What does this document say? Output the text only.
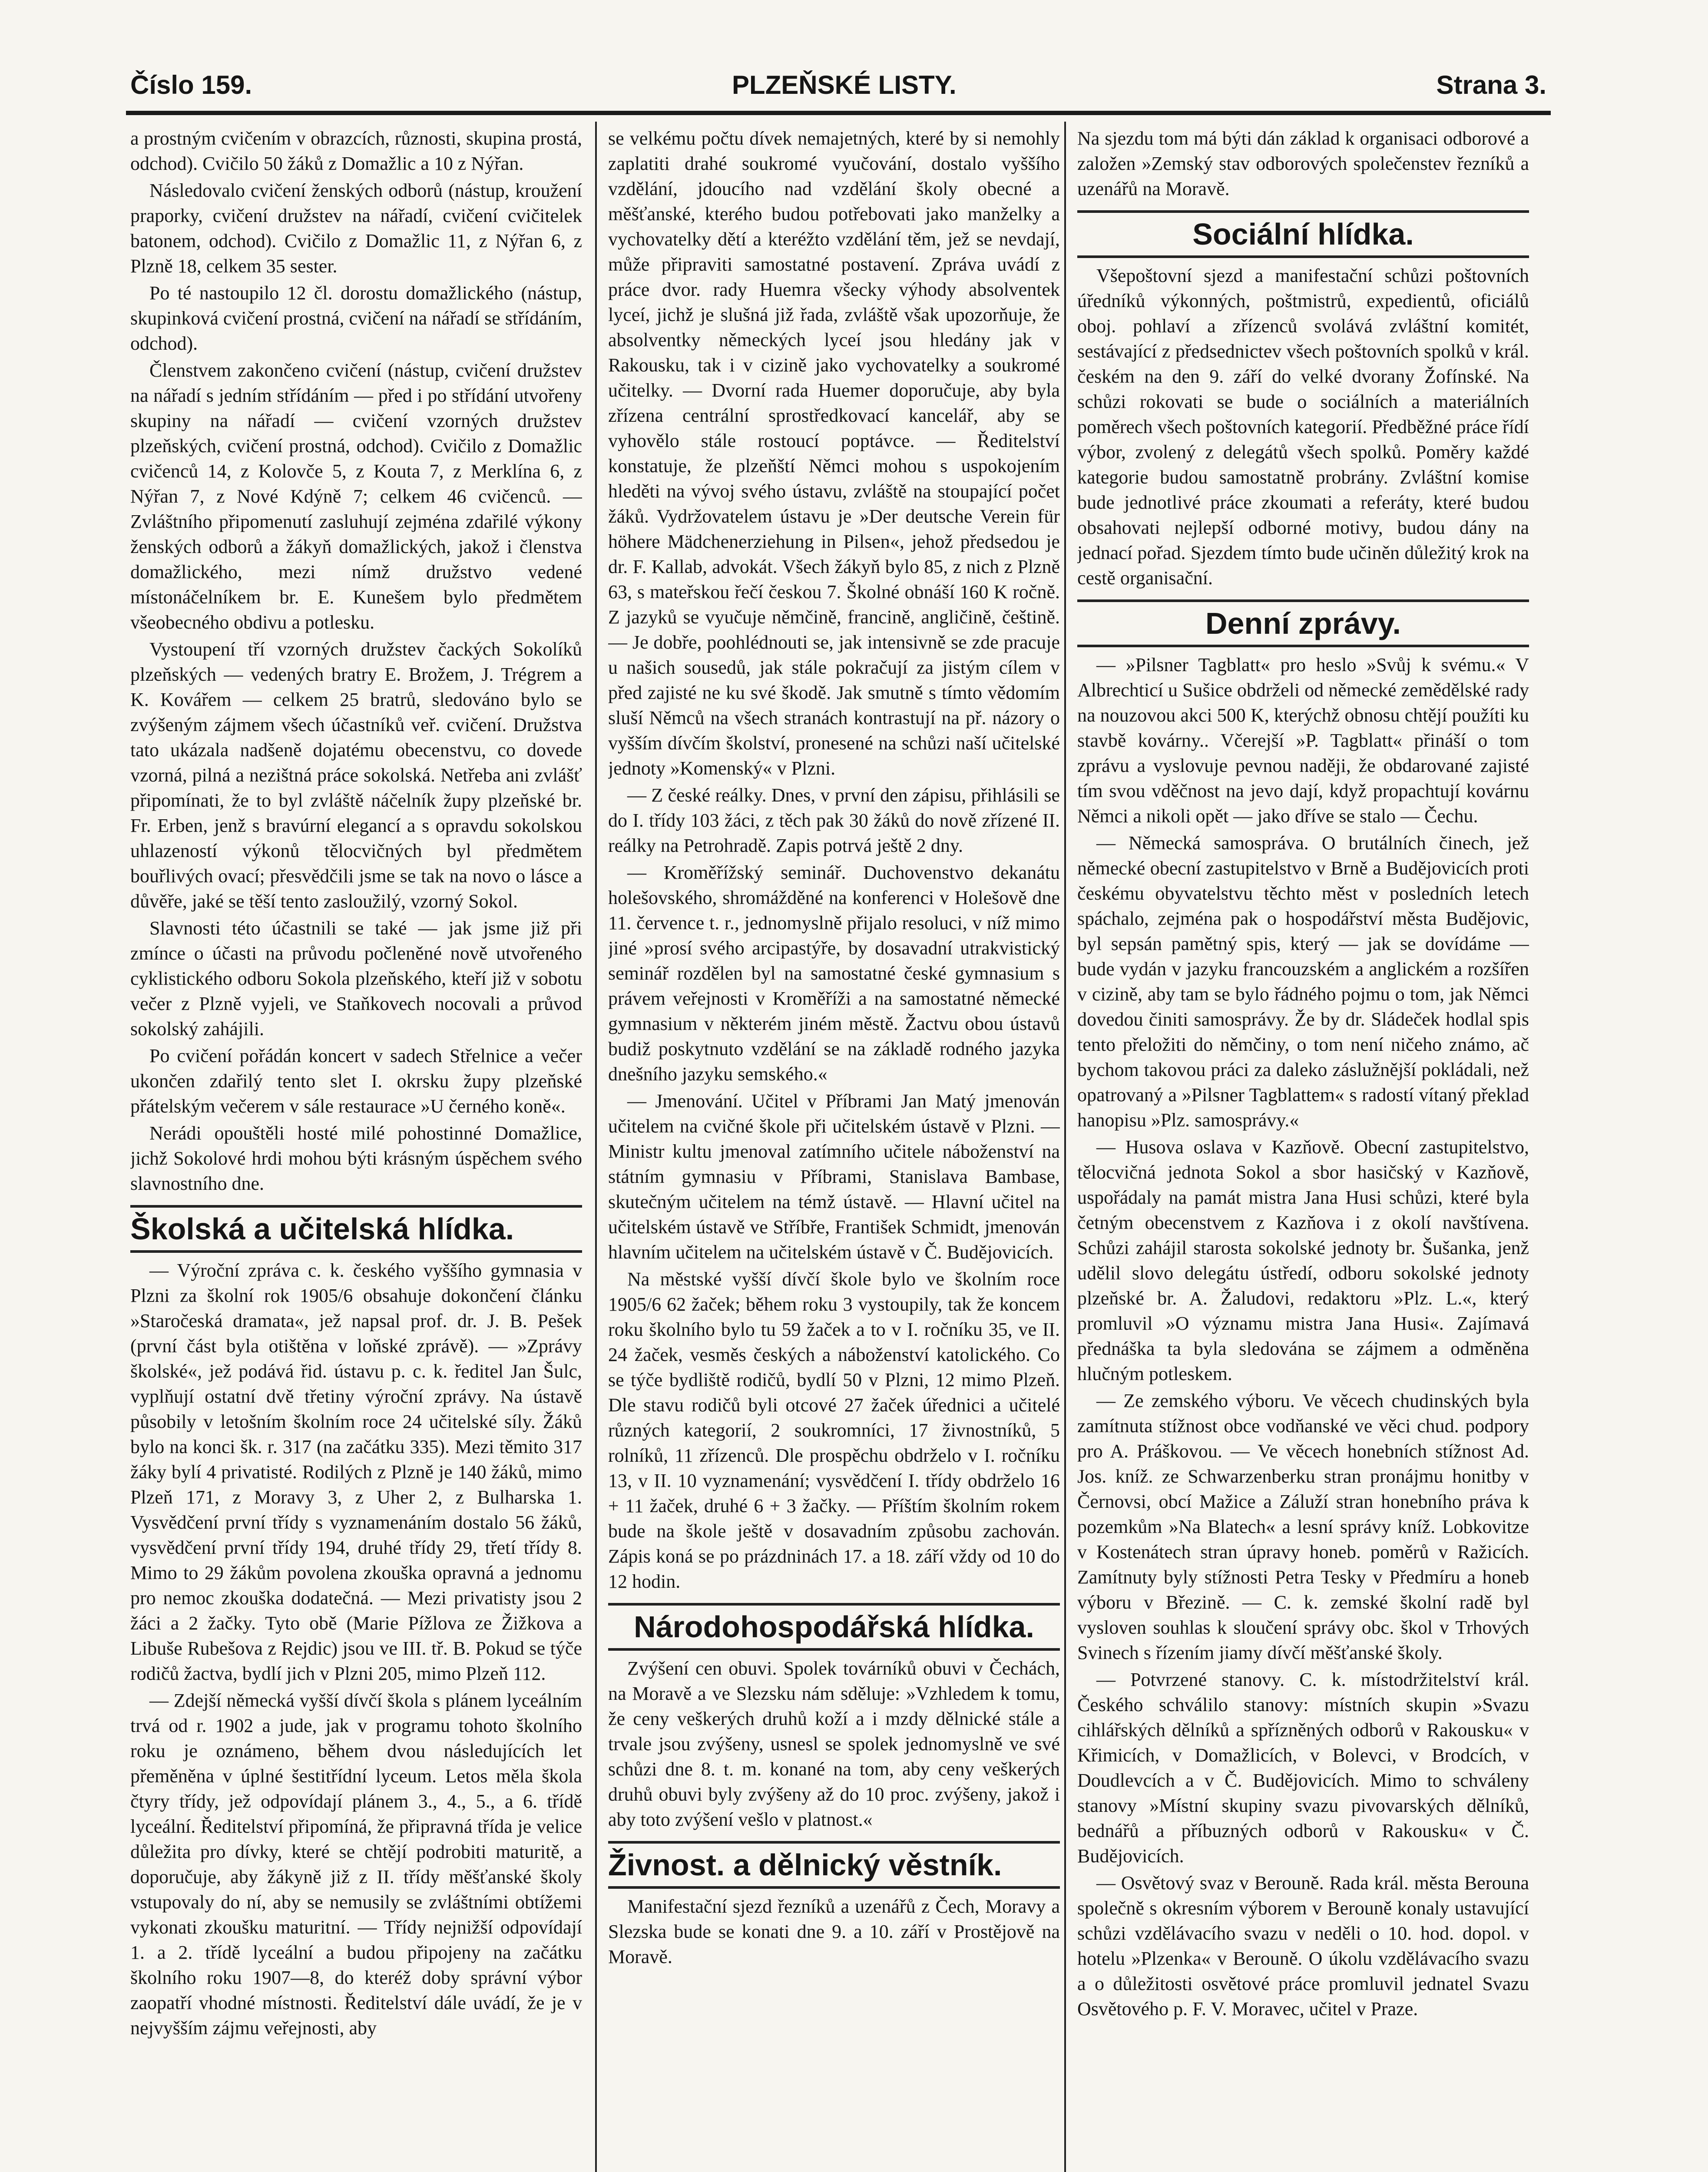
Číslo 159.	PLZEŇSKÉ LISTY.	Strana 3.

a prostným cvičením v obrazcích, různosti, skupina prostá, odchod). Cvičilo 50 žáků z Domažlic a 10 z Nýřan.

Následovalo cvičení ženských odborů (nástup, kroužení praporky, cvičení družstev na nářadí, cvičení cvičitelek batonem, odchod). Cvičilo z Domažlic 11, z Nýřan 6, z Plzně 18, celkem 35 sester.

Po té nastoupilo 12 čl. dorostu domažlického (nástup, skupinková cvičení prostná, cvičení na nářadí se střídáním, odchod).

Členstvem zakončeno cvičení (nástup, cvičení družstev na nářadí s jedním střídáním — před i po střídání utvořeny skupiny na nářadí — cvičení vzorných družstev plzeňských, cvičení prostná, odchod). Cvičilo z Domažlic cvičenců 14, z Kolovče 5, z Kouta 7, z Merklína 6, z Nýřan 7, z Nové Kdýně 7; celkem 46 cvičenců. — Zvláštního připomenutí zasluhují zejména zdařilé výkony ženských odborů a žákyň domažlických, jakož i členstva domažlického, mezi nímž družstvo vedené místonáčelníkem br. E. Kunešem bylo předmětem všeobecného obdivu a potlesku.

Vystoupení tří vzorných družstev čackých Sokolíků plzeňských — vedených bratry E. Brožem, J. Trégrem a K. Kovářem — celkem 25 bratrů, sledováno bylo se zvýšeným zájmem všech účastníků veř. cvičení. Družstva tato ukázala nadšeně dojatému obecenstvu, co dovede vzorná, pilná a nezištná práce sokolská. Netřeba ani zvlášť připomínati, že to byl zvláště náčelník župy plzeňské br. Fr. Erben, jenž s bravúrní elegancí a s opravdu sokolskou uhlazeností výkonů tělocvičných byl předmětem bouřlivých ovací; přesvědčili jsme se tak na novo o lásce a důvěře, jaké se těší tento zasloužilý, vzorný Sokol.

Slavnosti této účastnili se také — jak jsme již při zmínce o účasti na průvodu počleněné nově utvořeného cyklistického odboru Sokola plzeňského, kteří již v sobotu večer z Plzně vyjeli, ve Staňkovech nocovali a průvod sokolský zahájili.

Po cvičení pořádán koncert v sadech Střelnice a večer ukončen zdařilý tento slet I. okrsku župy plzeňské přátelským večerem v sále restaurace »U černého koně«.

Nerádi opouštěli hosté milé pohostinné Domažlice, jichž Sokolové hrdi mohou býti krásným úspěchem svého slavnostního dne.

Školská a učitelská hlídka.

— Výroční zpráva c. k. českého vyššího gymnasia v Plzni za školní rok 1905/6 obsahuje dokončení článku »Staročeská dramata«, jež napsal prof. dr. J. B. Pešek (první část byla otištěna v loňské zprávě). — »Zprávy školské«, jež podává řid. ústavu p. c. k. ředitel Jan Šulc, vyplňují ostatní dvě třetiny výroční zprávy. Na ústavě působily v letošním školním roce 24 učitelské síly. Žáků bylo na konci šk. r. 317 (na začátku 335). Mezi těmito 317 žáky bylí 4 privatisté. Rodilých z Plzně je 140 žáků, mimo Plzeň 171, z Moravy 3, z Uher 2, z Bulharska 1. Vysvědčení první třídy s vyznamenáním dostalo 56 žáků, vysvědčení první třídy 194, druhé třídy 29, třetí třídy 8. Mimo to 29 žákům povolena zkouška opravná a jednomu pro nemoc zkouška dodatečná. — Mezi privatisty jsou 2 žáci a 2 žačky. Tyto obě (Marie Pížlova ze Žižkova a Libuše Rubešova z Rejdic) jsou ve III. tř. B. Pokud se týče rodičů žactva, bydlí jich v Plzni 205, mimo Plzeň 112.

— Zdejší německá vyšší dívčí škola s plánem lyceálním trvá od r. 1902 a jude, jak v programu tohoto školního roku je oznámeno, během dvou následujících let přeměněna v úplné šestitřídní lyceum. Letos měla škola čtyry třídy, jež odpovídají plánem 3., 4., 5., a 6. třídě lyceální. Ředitelství připomíná, že připravná třída je velice důležita pro dívky, které se chtějí podrobiti maturitě, a doporučuje, aby žákyně již z II. třídy měšťanské školy vstupovaly do ní, aby se nemusily se zvláštními obtížemi vykonati zkoušku maturitní. — Třídy nejnižší odpovídají 1. a 2. třídě lyceální a budou připojeny na začátku školního roku 1907—8, do kteréž doby správní výbor zaopatří vhodné místnosti. Ředitelství dále uvádí, že je v nejvyšším zájmu veřejnosti, aby

se velkému počtu dívek nemajetných, které by si nemohly zaplatiti drahé soukromé vyučování, dostalo vyššího vzdělání, jdoucího nad vzdělání školy obecné a měšťanské, kterého budou potřebovati jako manželky a vychovatelky dětí a kteréžto vzdělání těm, jež se nevdají, může připraviti samostatné postavení. Zpráva uvádí z práce dvor. rady Huemra všecky výhody absolventek lyceí, jichž je slušná již řada, zvláště však upozorňuje, že absolventky německých lyceí jsou hledány jak v Rakousku, tak i v cizině jako vychovatelky a soukromé učitelky. — Dvorní rada Huemer doporučuje, aby byla zřízena centrální sprostředkovací kancelář, aby se vyhovělo stále rostoucí poptávce. — Ředitelství konstatuje, že plzeňští Němci mohou s uspokojením hleděti na vývoj svého ústavu, zvláště na stoupající počet žáků. Vydržovatelem ústavu je »Der deutsche Verein für höhere Mädchenerziehung in Pilsen«, jehož předsedou je dr. F. Kallab, advokát. Všech žákyň bylo 85, z nich z Plzně 63, s mateřskou řečí českou 7. Školné obnáší 160 K ročně. Z jazyků se vyučuje němčině, francině, angličině, češtině. — Je dobře, poohlédnouti se, jak intensivně se zde pracuje u našich sousedů, jak stále pokračují za jistým cílem v před zajisté ne ku své škodě. Jak smutně s tímto vědomím sluší Němců na všech stranách kontrastují na př. názory o vyšším dívčím školství, pronesené na schůzi naší učitelské jednoty »Komenský« v Plzni.

— Z české reálky. Dnes, v první den zápisu, přihlásili se do I. třídy 103 žáci, z těch pak 30 žáků do nově zřízené II. reálky na Petrohradě. Zapis potrvá ještě 2 dny.

— Kroměřížský seminář. Duchovenstvo dekanátu holešovského, shromážděné na konferenci v Holešově dne 11. července t. r., jednomyslně přijalo resoluci, v níž mimo jiné »prosí svého arcipastýře, by dosavadní utrakvistický seminář rozdělen byl na samostatné české gymnasium s právem veřejnosti v Kroměříži a na samostatné německé gymnasium v některém jiném městě. Žactvu obou ústavů budiž poskytnuto vzdělání se na základě rodného jazyka dnešního jazyku semského.«

— Jmenování. Učitel v Příbrami Jan Matý jmenován učitelem na cvičné škole při učitelském ústavě v Plzni. — Ministr kultu jmenoval zatímního učitele náboženství na státním gymnasiu v Příbrami, Stanislava Bambase, skutečným učitelem na témž ústavě. — Hlavní učitel na učitelském ústavě ve Stříbře, František Schmidt, jmenován hlavním učitelem na učitelském ústavě v Č. Budějovicích.

Na městské vyšší dívčí škole bylo ve školním roce 1905/6 62 žaček; během roku 3 vystoupily, tak že koncem roku školního bylo tu 59 žaček a to v I. ročníku 35, ve II. 24 žaček, vesměs českých a náboženství katolického. Co se týče bydliště rodičů, bydlí 50 v Plzni, 12 mimo Plzeň. Dle stavu rodičů byli otcové 27 žaček úřednici a učitelé různých kategorií, 2 soukromníci, 17 živnostníků, 5 rolníků, 11 zřízenců. Dle prospěchu obdrželo v I. ročníku 13, v II. 10 vyznamenání; vysvědčení I. třídy obdrželo 16 + 11 žaček, druhé 6 + 3 žačky. — Příštím školním rokem bude na škole ještě v dosavadním způsobu zachován. Zápis koná se po prázdninách 17. a 18. září vždy od 10 do 12 hodin.

Národohospodářská hlídka.

Zvýšení cen obuvi. Spolek továrníků obuvi v Čechách, na Moravě a ve Slezsku nám sděluje: »Vzhledem k tomu, že ceny veškerých druhů koží a i mzdy dělnické stále a trvale jsou zvýšeny, usnesl se spolek jednomyslně ve své schůzi dne 8. t. m. konané na tom, aby ceny veškerých druhů obuvi byly zvýšeny až do 10 proc. zvýšeny, jakož i aby toto zvýšení vešlo v platnost.«

Živnost. a dělnický věstník.

Manifestační sjezd řezníků a uzenářů z Čech, Moravy a Slezska bude se konati dne 9. a 10. září v Prostějově na Moravě.

Na sjezdu tom má býti dán základ k organisaci odborové a založen »Zemský stav odborových společenstev řezníků a uzenářů na Moravě.

Sociální hlídka.

Všepoštovní sjezd a manifestační schůzi poštovních úředníků výkonných, poštmistrů, expedientů, oficiálů oboj. pohlaví a zřízenců svolává zvláštní komitét, sestávající z předsednictev všech poštovních spolků v král. českém na den 9. září do velké dvorany Žofínské. Na schůzi rokovati se bude o sociálních a materiálních poměrech všech poštovních kategorií. Předběžné práce řídí výbor, zvolený z delegátů všech spolků. Poměry každé kategorie budou samostatně probrány. Zvláštní komise bude jednotlivé práce zkoumati a referáty, které budou obsahovati nejlepší odborné motivy, budou dány na jednací pořad. Sjezdem tímto bude učiněn důležitý krok na cestě organisační.

Denní zprávy.

— »Pilsner Tagblatt« pro heslo »Svůj k svému.« V Albrechticí u Sušice obdrželi od německé zemědělské rady na nouzovou akci 500 K, kterýchž obnosu chtějí použíti ku stavbě kovárny.. Včerejší »P. Tagblatt« přináší o tom zprávu a vyslovuje pevnou naději, že obdarované zajisté tím svou vděčnost na jevo dají, když propachtují kovárnu Němci a nikoli opět — jako dříve se stalo — Čechu.

— Německá samospráva. O brutálních činech, jež německé obecní zastupitelstvo v Brně a Budějovicích proti českému obyvatelstvu těchto měst v posledních letech spáchalo, zejména pak o hospodářství města Budějovic, byl sepsán pamětný spis, který — jak se dovídáme — bude vydán v jazyku francouzském a anglickém a rozšířen v cizině, aby tam se bylo řádného pojmu o tom, jak Němci dovedou činiti samosprávy. Že by dr. Sládeček hodlal spis tento přeložiti do němčiny, o tom není ničeho známo, ač bychom takovou práci za daleko záslužnější pokládali, než opatrovaný a »Pilsner Tagblattem« s radostí vítaný překlad hanopisu »Plz. samosprávy.«

— Husova oslava v Kazňově. Obecní zastupitelstvo, tělocvičná jednota Sokol a sbor hasičský v Kazňově, uspořádaly na památ mistra Jana Husi schůzi, které byla četným obecenstvem z Kazňova i z okolí navštívena. Schůzi zahájil starosta sokolské jednoty br. Šušanka, jenž udělil slovo delegátu ústředí, odboru sokolské jednoty plzeňské br. A. Žaludovi, redaktoru »Plz. L.«, který promluvil »O významu mistra Jana Husi«. Zajímavá přednáška ta byla sledována se zájmem a odměněna hlučným potleskem.

— Ze zemského výboru. Ve věcech chudinských byla zamítnuta stížnost obce vodňanské ve věci chud. podpory pro A. Práškovou. — Ve věcech honebních stížnost Ad. Jos. kníž. ze Schwarzenberku stran pronájmu honitby v Černovsi, obcí Mažice a Záluží stran honebního práva k pozemkům »Na Blatech« a lesní správy kníž. Lobkovitze v Kostenátech stran úpravy honeb. poměrů v Ražicích. Zamítnuty byly stížnosti Petra Tesky v Předmíru a honeb výboru v Březině. — C. k. zemské školní radě byl vysloven souhlas k sloučení správy obc. škol v Trhových Svinech s řízením jiamy dívčí měšťanské školy.

— Potvrzené stanovy. C. k. místodržitelství král. Českého schválilo stanovy: místních skupin »Svazu cihlářských dělníků a spřízněných odborů v Rakousku« v Křimicích, v Domažlicích, v Bolevci, v Brodcích, v Doudlevcích a v Č. Budějovicích. Mimo to schváleny stanovy »Místní skupiny svazu pivovarských dělníků, bednářů a příbuzných odborů v Rakousku« v Č. Budějovicích.

— Osvětový svaz v Berouně. Rada král. města Berouna společně s okresním výborem v Berouně konaly ustavující schůzi vzdělávacího svazu v neděli o 10. hod. dopol. v hotelu »Plzenka« v Berouně. O úkolu vzdělávacího svazu a o důležitosti osvětové práce promluvil jednatel Svazu Osvětového p. F. V. Moravec, učitel v Praze.
